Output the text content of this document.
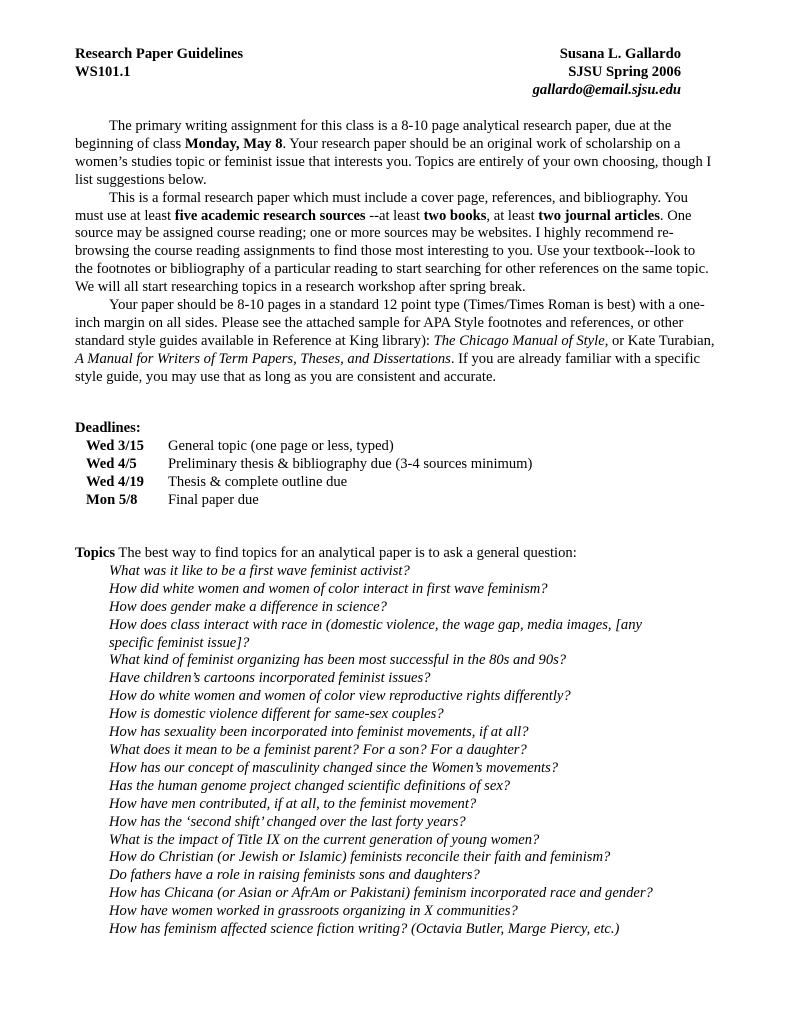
Research Paper Guidelines	Susana L. Gallardo
WS101.1	SJSU Spring 2006
gallardo@email.sjsu.edu

The primary writing assignment for this class is a 8-10 page analytical research paper, due at the beginning of class Monday, May 8. Your research paper should be an original work of scholarship on a women’s studies topic or feminist issue that interests you. Topics are entirely of your own choosing, though I list suggestions below.

This is a formal research paper which must include a cover page, references, and bibliography. You must use at least five academic research sources --at least two books, at least two journal articles. One source may be assigned course reading; one or more sources may be websites. I highly recommend re-browsing the course reading assignments to find those most interesting to you. Use your textbook--look to the footnotes or bibliography of a particular reading to start searching for other references on the same topic. We will all start researching topics in a research workshop after spring break.

Your paper should be 8-10 pages in a standard 12 point type (Times/Times Roman is best) with a one-inch margin on all sides. Please see the attached sample for APA Style footnotes and references, or other standard style guides available in Reference at King library): The Chicago Manual of Style, or Kate Turabian, A Manual for Writers of Term Papers, Theses, and Dissertations. If you are already familiar with a specific style guide, you may use that as long as you are consistent and accurate.

Deadlines:

Wed 3/15	General topic (one page or less, typed)
Wed 4/5	Preliminary thesis & bibliography due (3-4 sources minimum)
Wed 4/19	Thesis & complete outline due
Mon 5/8	Final paper due

Topics The best way to find topics for an analytical paper is to ask a general question:

What was it like to be a first wave feminist activist?
How did white women and women of color interact in first wave feminism?
How does gender make a difference in science?
How does class interact with race in (domestic violence, the wage gap, media images, [any
specific feminist issue]?
What kind of feminist organizing has been most successful in the 80s and 90s?
Have children’s cartoons incorporated feminist issues?
How do white women and women of color view reproductive rights differently?
How is domestic violence different for same-sex couples?
How has sexuality been incorporated into feminist movements, if at all?
What does it mean to be a feminist parent? For a son? For a daughter?
How has our concept of masculinity changed since the Women’s movements?
Has the human genome project changed scientific definitions of sex?
How have men contributed, if at all, to the feminist movement?
How has the ‘second shift’ changed over the last forty years?
What is the impact of Title IX on the current generation of young women?
How do Christian (or Jewish or Islamic) feminists reconcile their faith and feminism?
Do fathers have a role in raising feminists sons and daughters?
How has Chicana (or Asian or AfrAm or Pakistani) feminism incorporated race and gender?
How have women worked in grassroots organizing in X communities?
How has feminism affected science fiction writing? (Octavia Butler, Marge Piercy, etc.)
